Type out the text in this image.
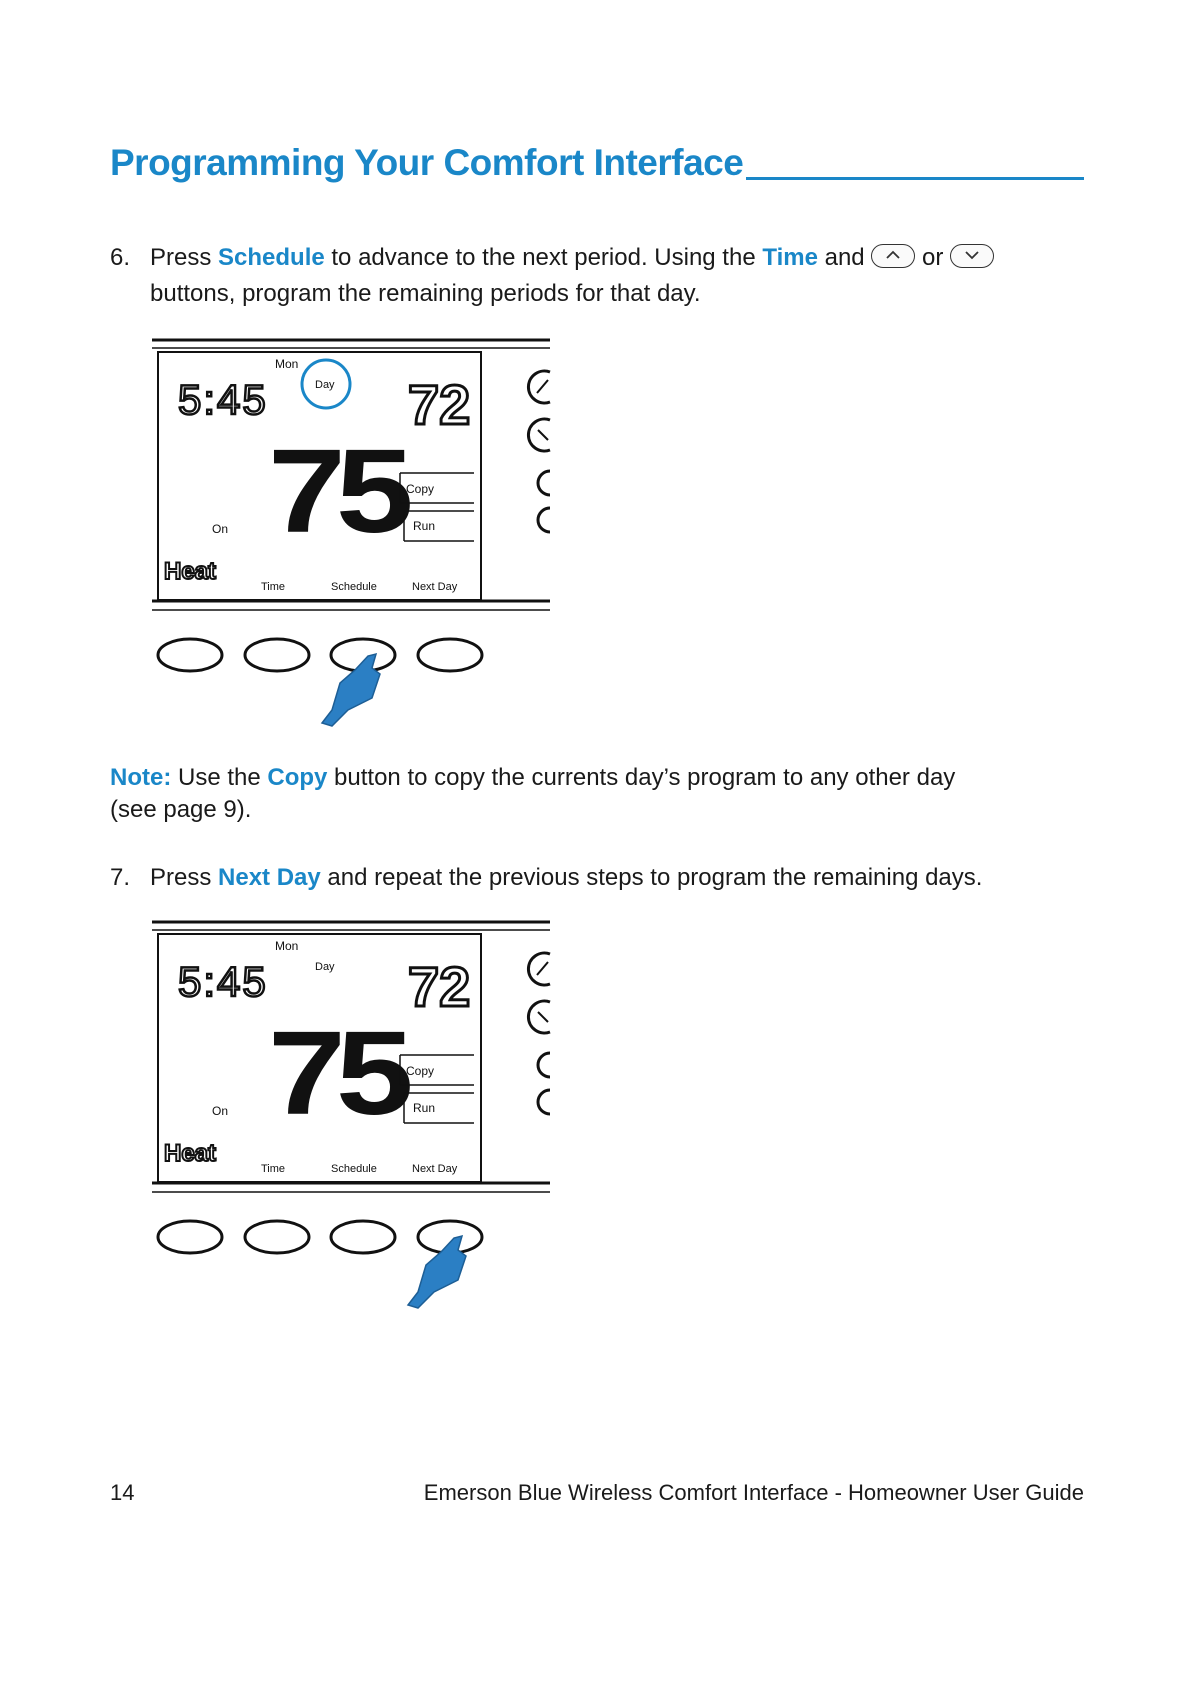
Programming Your Comfort Interface
6. Press Schedule to advance to the next period. Using the Time and
or
buttons, program the remaining periods for that day.
5:45
Mon
Day 72
75 Copy
Run
On
Heat
Time	Schedule	Next Day
Note: Use the Copy button to copy the currents day’s program to any other day
(see page 9).
7. Press Next Day and repeat the previous steps to program the remaining days.
5:45
Mon
Day 72
75 Copy
Run
On
Heat
Time	Schedule	Next Day
14	Emerson Blue Wireless Comfort Interface - Homeowner User Guide
